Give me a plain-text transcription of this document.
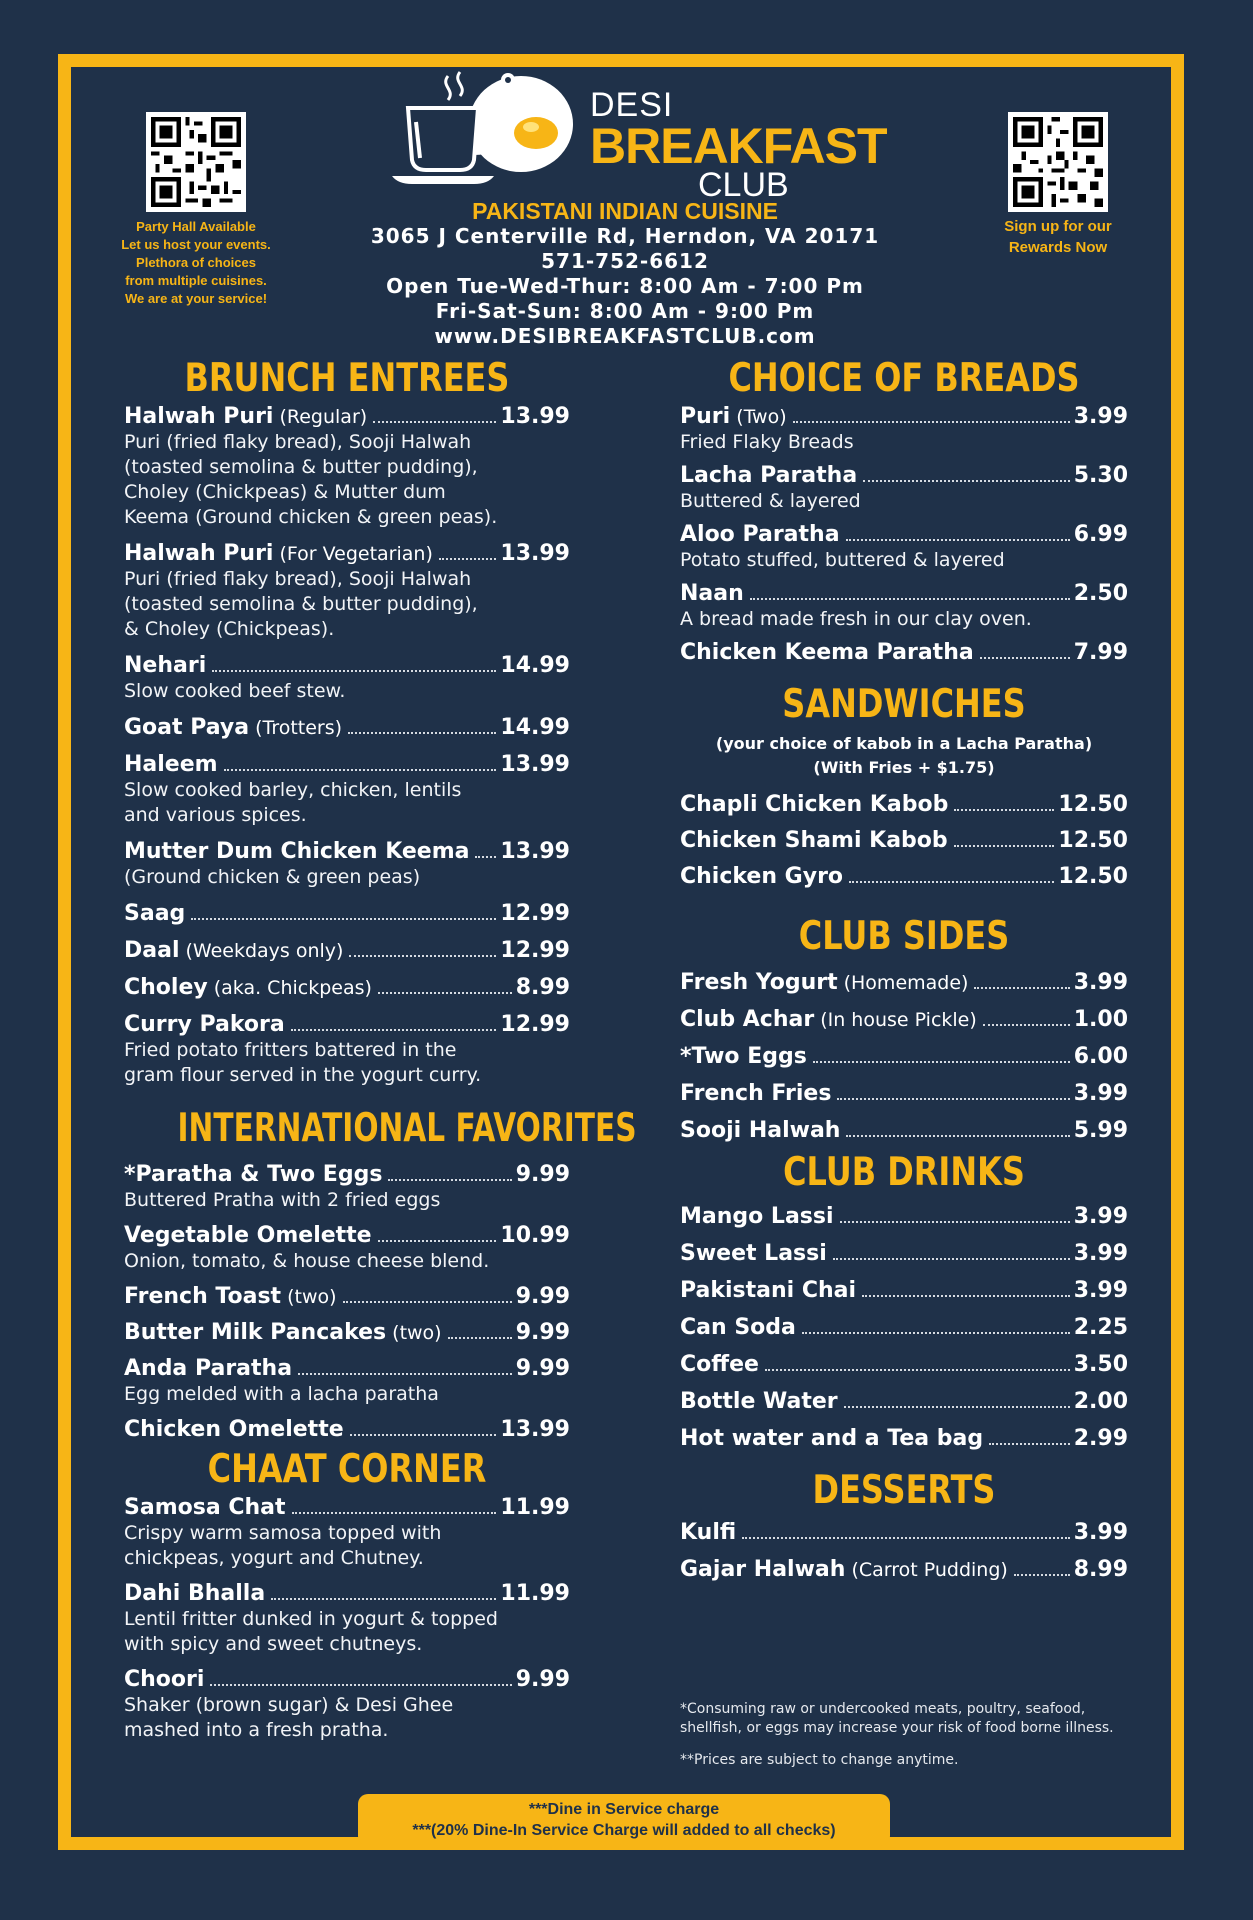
Party Hall Available
Let us host your events.
Plethora of choices
from multiple cuisines.
We are at your service!
Sign up for our
Rewards Now
DESI
BREAKFAST
CLUB
PAKISTANI INDIAN CUISINE
3065 J Centerville Rd, Herndon, VA 20171
571-752-6612
Open Tue-Wed-Thur: 8:00 Am - 7:00 Pm
Fri-Sat-Sun: 8:00 Am - 9:00 Pm
www.DESIBREAKFASTCLUB.com
BRUNCH ENTREES
Halwah Puri (Regular)	13.99
Puri (fried flaky bread), Sooji Halwah
(toasted semolina & butter pudding),
Choley (Chickpeas) & Mutter dum
Keema (Ground chicken & green peas).
Halwah Puri (For Vegetarian)	13.99
Puri (fried flaky bread), Sooji Halwah
(toasted semolina & butter pudding),
& Choley (Chickpeas).
Nehari	14.99
Slow cooked beef stew.
Goat Paya (Trotters)	14.99
Haleem	13.99
Slow cooked barley, chicken, lentils
and various spices.
Mutter Dum Chicken Keema 13.99
(Ground chicken & green peas)
Saag	12.99
Daal (Weekdays only)	12.99
Choley (aka. Chickpeas)	8.99
Curry Pakora	12.99
Fried potato fritters battered in the
gram flour served in the yogurt curry.
INTERNATIONAL FAVORITES
*Paratha & Two Eggs	9.99
Buttered Pratha with 2 fried eggs
Vegetable Omelette	10.99
Onion, tomato, & house cheese blend.
French Toast (two)	9.99
Butter Milk Pancakes (two)	9.99
Anda Paratha	9.99
Egg melded with a lacha paratha
Chicken Omelette	13.99
CHAAT CORNER
Samosa Chat	11.99
Crispy warm samosa topped with
chickpeas, yogurt and Chutney.
Dahi Bhalla	11.99
Lentil fritter dunked in yogurt & topped
with spicy and sweet chutneys.
Choori	9.99
Shaker (brown sugar) & Desi Ghee
mashed into a fresh pratha.
CHOICE OF BREADS
Puri (Two)	3.99
Fried Flaky Breads
Lacha Paratha	5.30
Buttered & layered
Aloo Paratha	6.99
Potato stuffed, buttered & layered
Naan	2.50
A bread made fresh in our clay oven.
Chicken Keema Paratha	7.99
SANDWICHES
(your choice of kabob in a Lacha Paratha)
(With Fries + $1.75)
Chapli Chicken Kabob	12.50
Chicken Shami Kabob	12.50
Chicken Gyro	12.50
CLUB SIDES
Fresh Yogurt (Homemade)	3.99
Club Achar (In house Pickle)	1.00
*Two Eggs	6.00
French Fries	3.99
Sooji Halwah	5.99
CLUB DRINKS
Mango Lassi	3.99
Sweet Lassi	3.99
Pakistani Chai	3.99
Can Soda	2.25
Coffee	3.50
Bottle Water	2.00
Hot water and a Tea bag	2.99
DESSERTS
Kulfi	3.99
Gajar Halwah (Carrot Pudding)	8.99

*Consuming raw or undercooked meats, poultry, seafood, shellfish, or eggs may increase your risk of food borne illness.

**Prices are subject to change anytime.

***Dine in Service charge
***(20% Dine-In Service Charge will added to all checks)
